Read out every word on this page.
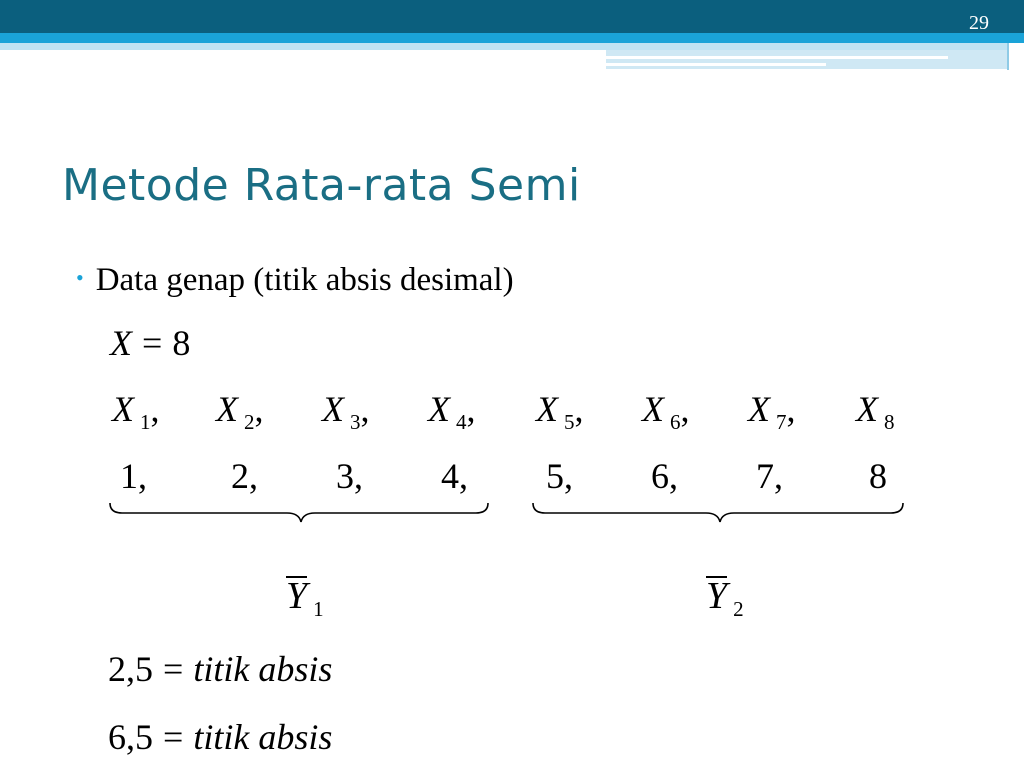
29
Metode Rata-rata Semi
• Data genap (titik absis desimal)
X = 8
X $_1$, X $_2$, X $_3$, X $_4$, X $_5$, X $_6$, X $_7$, X $_8$
1, 2, 3, 4, 5, 6, 7, 8
Y $_1$	Y $_2$
2,5 = titik absis
6,5 = titik absis
